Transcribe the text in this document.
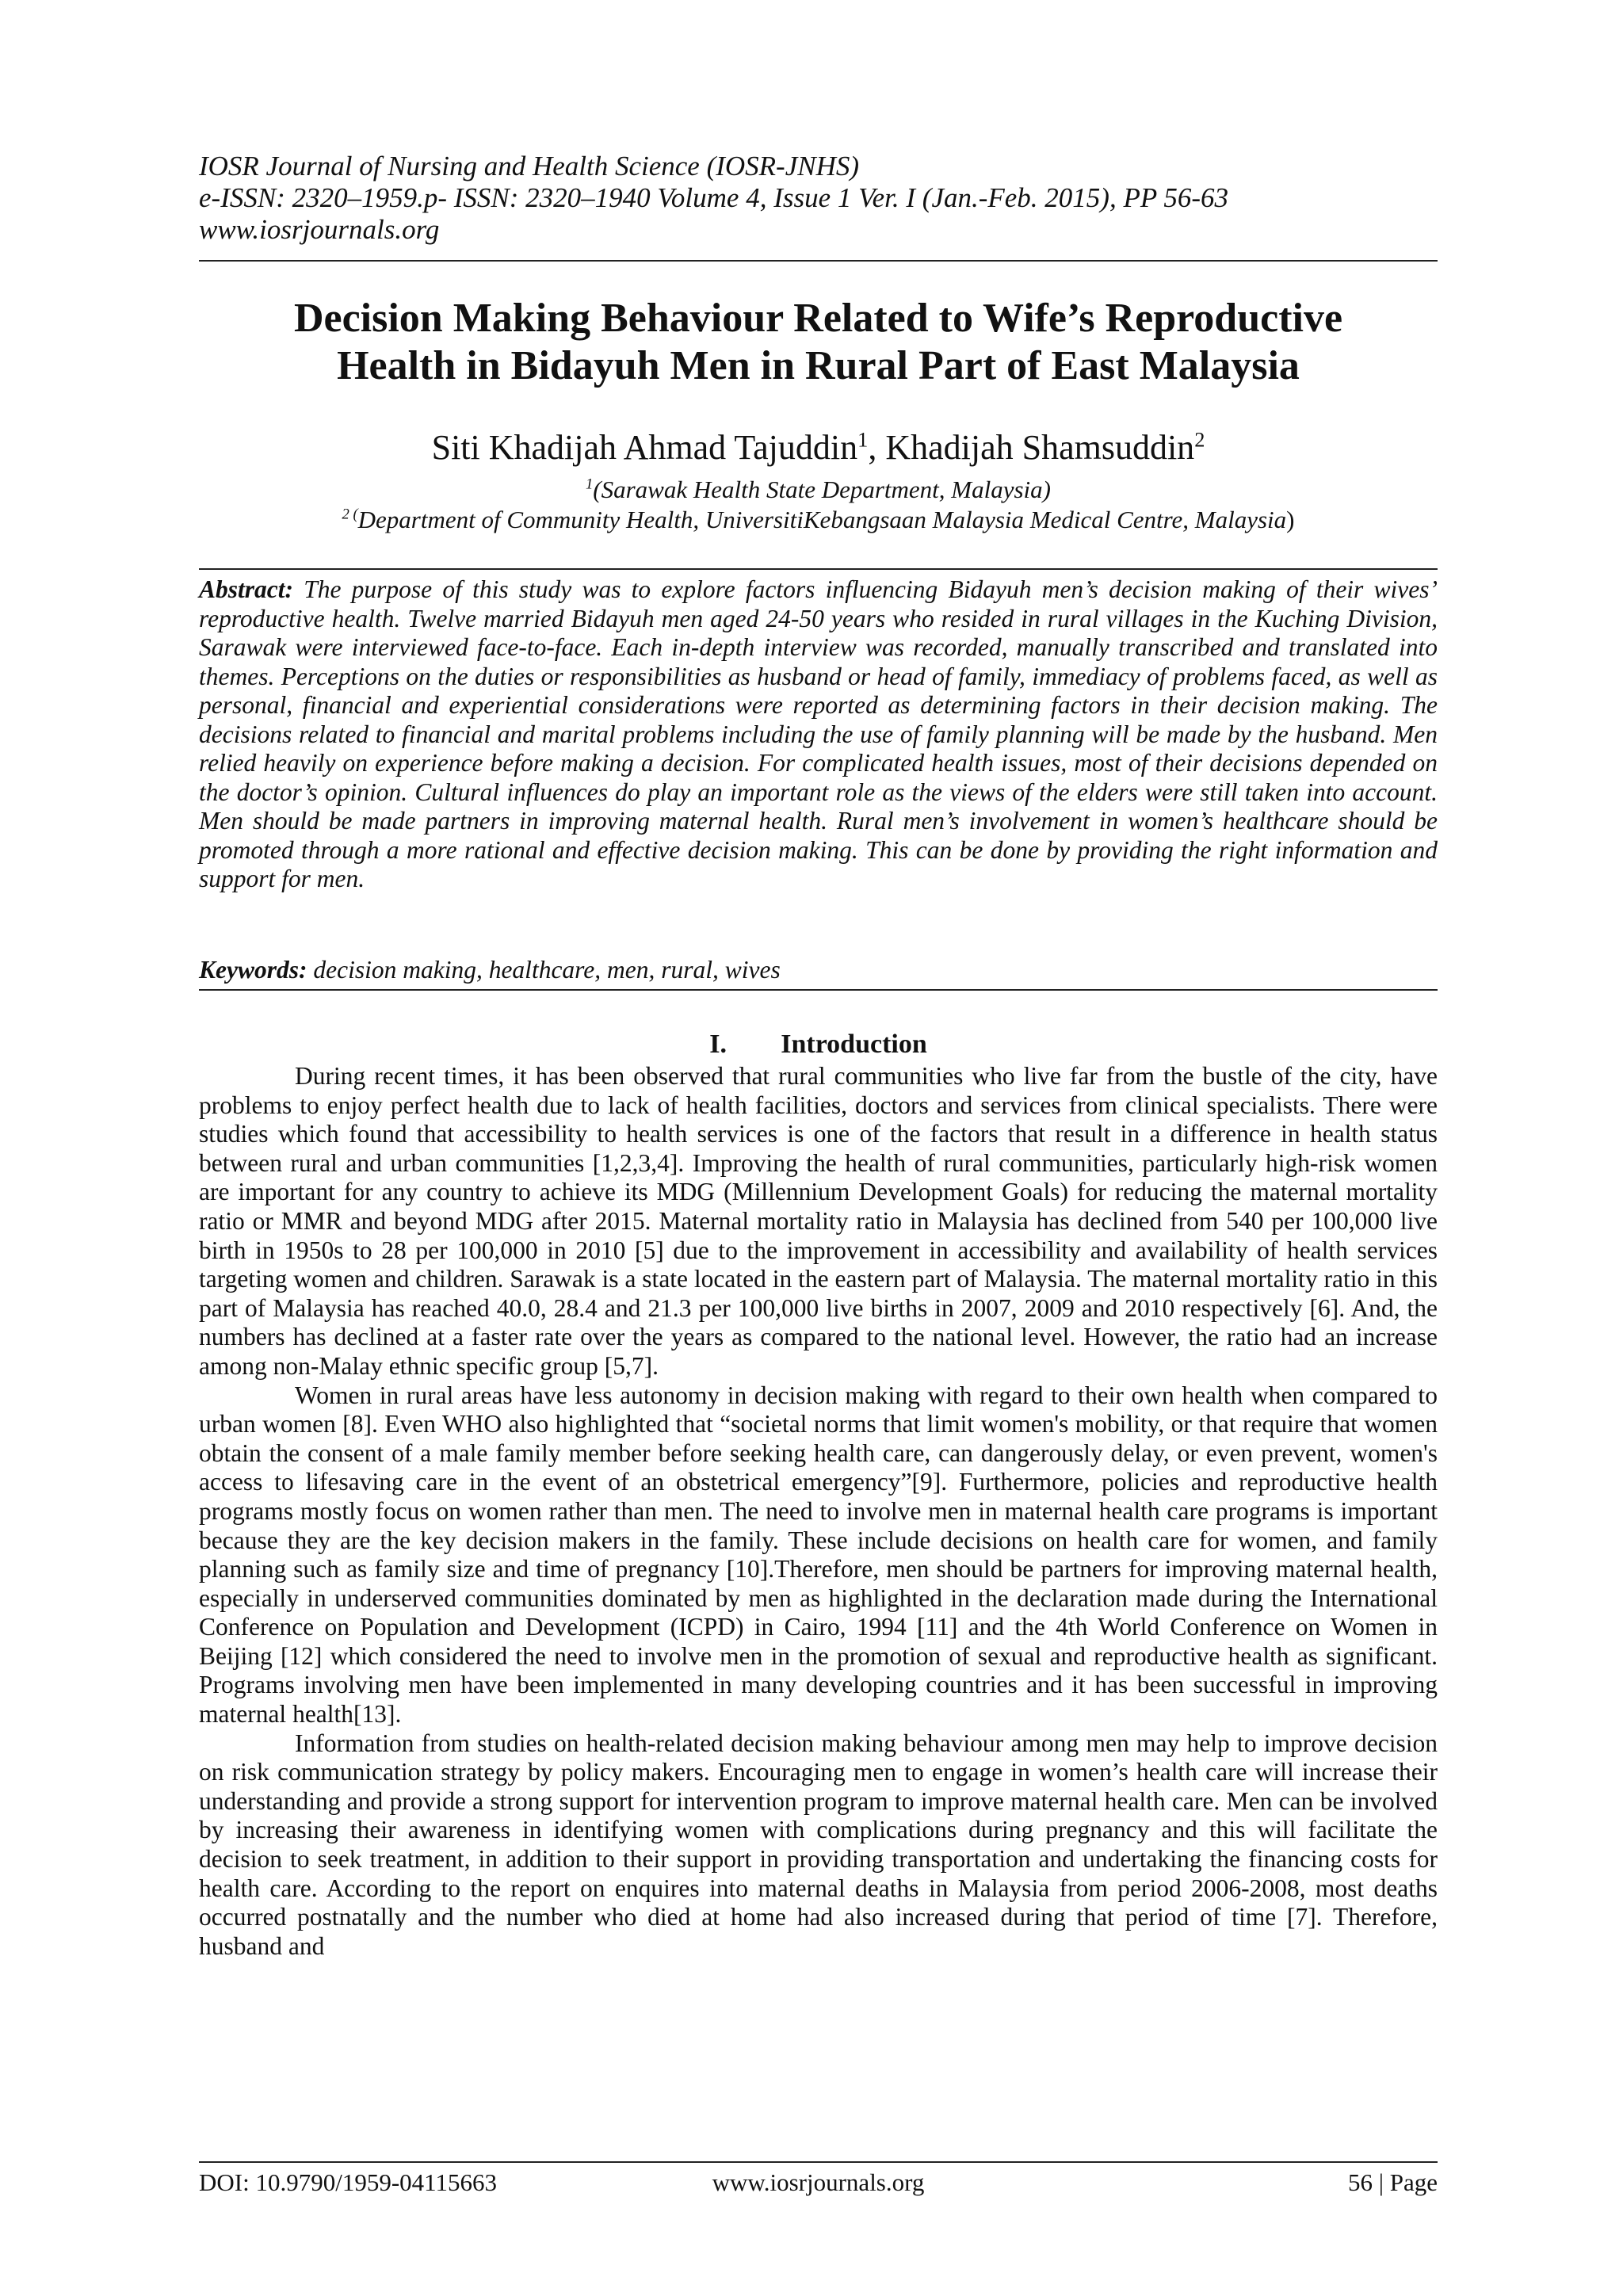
IOSR Journal of Nursing and Health Science (IOSR-JNHS)
e-ISSN: 2320–1959.p- ISSN: 2320–1940 Volume 4, Issue 1 Ver. I (Jan.-Feb. 2015), PP 56-63
www.iosrjournals.org
Decision Making Behaviour Related to Wife’s Reproductive
Health in Bidayuh Men in Rural Part of East Malaysia
Siti Khadijah Ahmad Tajuddin$^1$, Khadijah Shamsuddin$^2$
$^1$(Sarawak Health State Department, Malaysia)
$^{2 (}$Department of Community Health, UniversitiKebangsaan Malaysia Medical Centre, Malaysia)
Abstract: The purpose of this study was to explore factors influencing Bidayuh men’s decision making of their wives’ reproductive health. Twelve married Bidayuh men aged 24-50 years who resided in rural villages in the Kuching Division, Sarawak were interviewed face-to-face. Each in-depth interview was recorded, manually transcribed and translated into themes. Perceptions on the duties or responsibilities as husband or head of family, immediacy of problems faced, as well as personal, financial and experiential considerations were reported as determining factors in their decision making. The decisions related to financial and marital problems including the use of family planning will be made by the husband. Men relied heavily on experience before making a decision. For complicated health issues, most of their decisions depended on the doctor’s opinion. Cultural influences do play an important role as the views of the elders were still taken into account. Men should be made partners in improving maternal health. Rural men’s involvement in women’s healthcare should be promoted through a more rational and effective decision making. This can be done by providing the right information and support for men.
Keywords: decision making, healthcare, men, rural, wives
I. Introduction

During recent times, it has been observed that rural communities who live far from the bustle of the city, have problems to enjoy perfect health due to lack of health facilities, doctors and services from clinical specialists. There were studies which found that accessibility to health services is one of the factors that result in a difference in health status between rural and urban communities [1,2,3,4]. Improving the health of rural communities, particularly high-risk women are important for any country to achieve its MDG (Millennium Development Goals) for reducing the maternal mortality ratio or MMR and beyond MDG after 2015. Maternal mortality ratio in Malaysia has declined from 540 per 100,000 live birth in 1950s to 28 per 100,000 in 2010 [5] due to the improvement in accessibility and availability of health services targeting women and children. Sarawak is a state located in the eastern part of Malaysia. The maternal mortality ratio in this part of Malaysia has reached 40.0, 28.4 and 21.3 per 100,000 live births in 2007, 2009 and 2010 respectively [6]. And, the numbers has declined at a faster rate over the years as compared to the national level. However, the ratio had an increase among non-Malay ethnic specific group [5,7].

Women in rural areas have less autonomy in decision making with regard to their own health when compared to urban women [8]. Even WHO also highlighted that “societal norms that limit women's mobility, or that require that women obtain the consent of a male family member before seeking health care, can dangerously delay, or even prevent, women's access to lifesaving care in the event of an obstetrical emergency”[9]. Furthermore, policies and reproductive health programs mostly focus on women rather than men. The need to involve men in maternal health care programs is important because they are the key decision makers in the family. These include decisions on health care for women, and family planning such as family size and time of pregnancy [10].Therefore, men should be partners for improving maternal health, especially in underserved communities dominated by men as highlighted in the declaration made during the International Conference on Population and Development (ICPD) in Cairo, 1994 [11] and the 4th World Conference on Women in Beijing [12] which considered the need to involve men in the promotion of sexual and reproductive health as significant. Programs involving men have been implemented in many developing countries and it has been successful in improving maternal health[13].

Information from studies on health-related decision making behaviour among men may help to improve decision on risk communication strategy by policy makers. Encouraging men to engage in women’s health care will increase their understanding and provide a strong support for intervention program to improve maternal health care. Men can be involved by increasing their awareness in identifying women with complications during pregnancy and this will facilitate the decision to seek treatment, in addition to their support in providing transportation and undertaking the financing costs for health care. According to the report on enquires into maternal deaths in Malaysia from period 2006-2008, most deaths occurred postnatally and the number who died at home had also increased during that period of time [7]. Therefore, husband and

DOI: 10.9790/1959-04115663	www.iosrjournals.org	56 | Page
